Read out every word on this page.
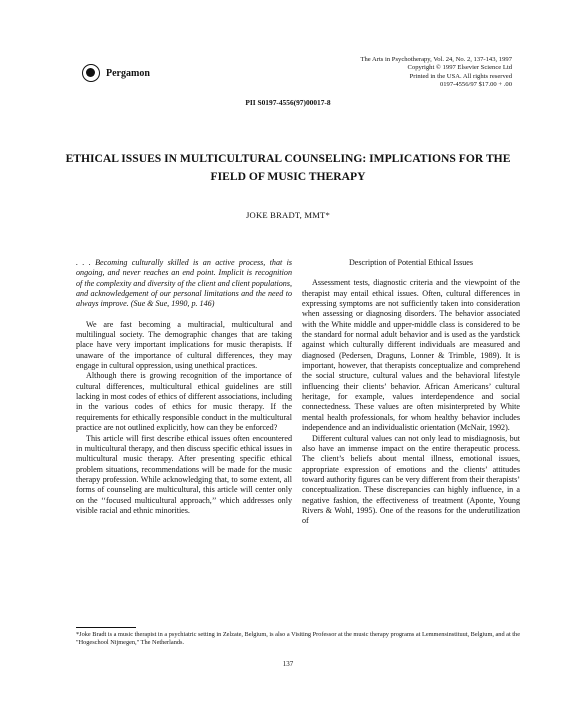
Pergamon
The Arts in Psychotherapy, Vol. 24, No. 2, 137-143, 1997
Copyright © 1997 Elsevier Science Ltd
Printed in the USA. All rights reserved
0197-4556/97 $17.00 + .00
PII S0197-4556(97)00017-8
ETHICAL ISSUES IN MULTICULTURAL COUNSELING: IMPLICATIONS FOR THE FIELD OF MUSIC THERAPY
JOKE BRADT, MMT*

. . . Becoming culturally skilled is an active process, that is ongoing, and never reaches an end point. Implicit is recognition of the complexity and diversity of the client and client populations, and acknowledgement of our personal limitations and the need to always improve. (Sue & Sue, 1990, p. 146)

We are fast becoming a multiracial, multicultural and multilingual society. The demographic changes that are taking place have very important implications for music therapists. If unaware of the importance of cultural differences, they may engage in cultural oppression, using unethical practices.

Although there is growing recognition of the importance of cultural differences, multicultural ethical guidelines are still lacking in most codes of ethics of different associations, including in the various codes of ethics for music therapy. If the requirements for ethically responsible conduct in the multicultural practice are not outlined explicitly, how can they be enforced?

This article will first describe ethical issues often encountered in multicultural therapy, and then discuss specific ethical issues in multicultural music therapy. After presenting specific ethical problem situations, recommendations will be made for the music therapy profession. While acknowledging that, to some extent, all forms of counseling are multicultural, this article will center only on the ‘‘focused multicultural approach,’’ which addresses only visible racial and ethnic minorities.

Description of Potential Ethical Issues

Assessment tests, diagnostic criteria and the viewpoint of the therapist may entail ethical issues. Often, cultural differences in expressing symptoms are not sufficiently taken into consideration when assessing or diagnosing disorders. The behavior associated with the White middle and upper-middle class is considered to be the standard for normal adult behavior and is used as the yardstick against which culturally different individuals are measured and diagnosed (Pedersen, Draguns, Lonner & Trimble, 1989). It is important, however, that therapists conceptualize and comprehend the social structure, cultural values and the behavioral lifestyle influencing their clients’ behavior. African Americans’ cultural heritage, for example, values interdependence and social connectedness. These values are often misinterpreted by White mental health professionals, for whom healthy behavior includes independence and an individualistic orientation (McNair, 1992).

Different cultural values can not only lead to misdiagnosis, but also have an immense impact on the entire therapeutic process. The client’s beliefs about mental illness, emotional issues, appropriate expression of emotions and the clients’ attitudes toward authority figures can be very different from their therapists’ conceptualization. These discrepancies can highly influence, in a negative fashion, the effectiveness of treatment (Aponte, Young Rivers & Wohl, 1995). One of the reasons for the underutilization of

*Joke Bradt is a music therapist in a psychiatric setting in Zelzate, Belgium, is also a Visiting Professor at the music therapy programs at Lemmensinstituut, Belgium, and at the "Hogeschool Nijmegen," The Netherlands.
137
